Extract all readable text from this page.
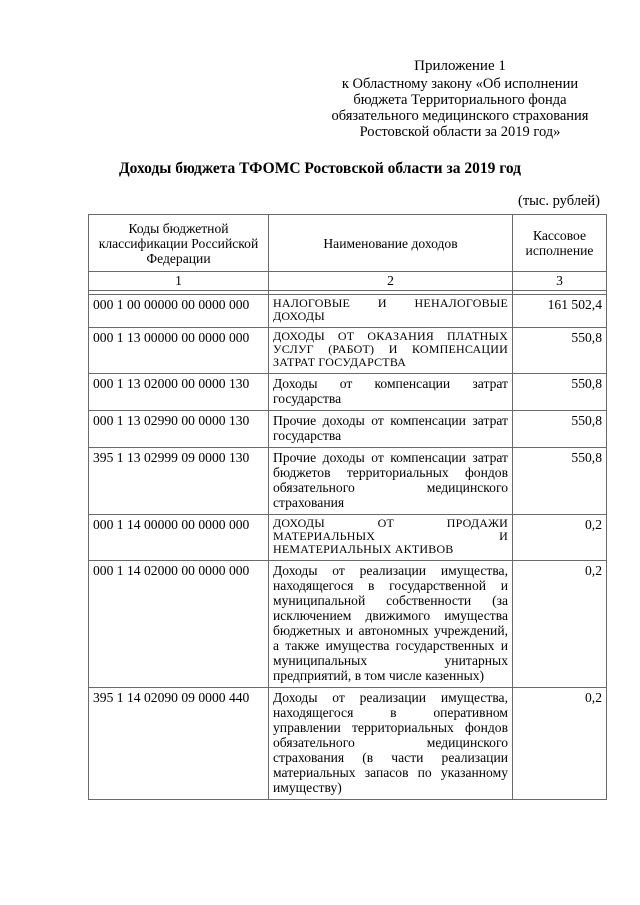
Приложение 1
к Областному закону «Об исполнении
бюджета Территориального фонда
обязательного медицинского страхования
Ростовской области за 2019 год»
Доходы бюджета ТФОМС Ростовской области за 2019 год
(тыс. рублей)
Коды бюджетной классификации Российской Федерации	Наименование доходов	Кассовое исполнение
1	2	3

000 1 00 00000 00 0000 000	НАЛОГОВЫЕ И НЕНАЛОГОВЫЕ ДОХОДЫ	161 502,4
000 1 13 00000 00 0000 000	ДОХОДЫ ОТ ОКАЗАНИЯ ПЛАТНЫХ УСЛУГ (РАБОТ) И КОМПЕНСАЦИИ ЗАТРАТ ГОСУДАРСТВА	550,8
000 1 13 02000 00 0000 130	Доходы от компенсации затрат государства	550,8
000 1 13 02990 00 0000 130	Прочие доходы от компенсации затрат государства	550,8
395 1 13 02999 09 0000 130	Прочие доходы от компенсации затрат бюджетов территориальных фондов обязательного медицинского страхования	550,8
000 1 14 00000 00 0000 000	ДОХОДЫ ОТ ПРОДАЖИ МАТЕРИАЛЬНЫХ И НЕМАТЕРИАЛЬНЫХ АКТИВОВ	0,2
000 1 14 02000 00 0000 000	Доходы от реализации имущества, находящегося в государственной и муниципальной собственности (за исключением движимого имущества бюджетных и автономных учреждений, а также имущества государственных и муниципальных унитарных предприятий, в том числе казенных)	0,2
395 1 14 02090 09 0000 440	Доходы от реализации имущества, находящегося в оперативном управлении территориальных фондов обязательного медицинского страхования (в части реализации материальных запасов по указанному имуществу)	0,2
